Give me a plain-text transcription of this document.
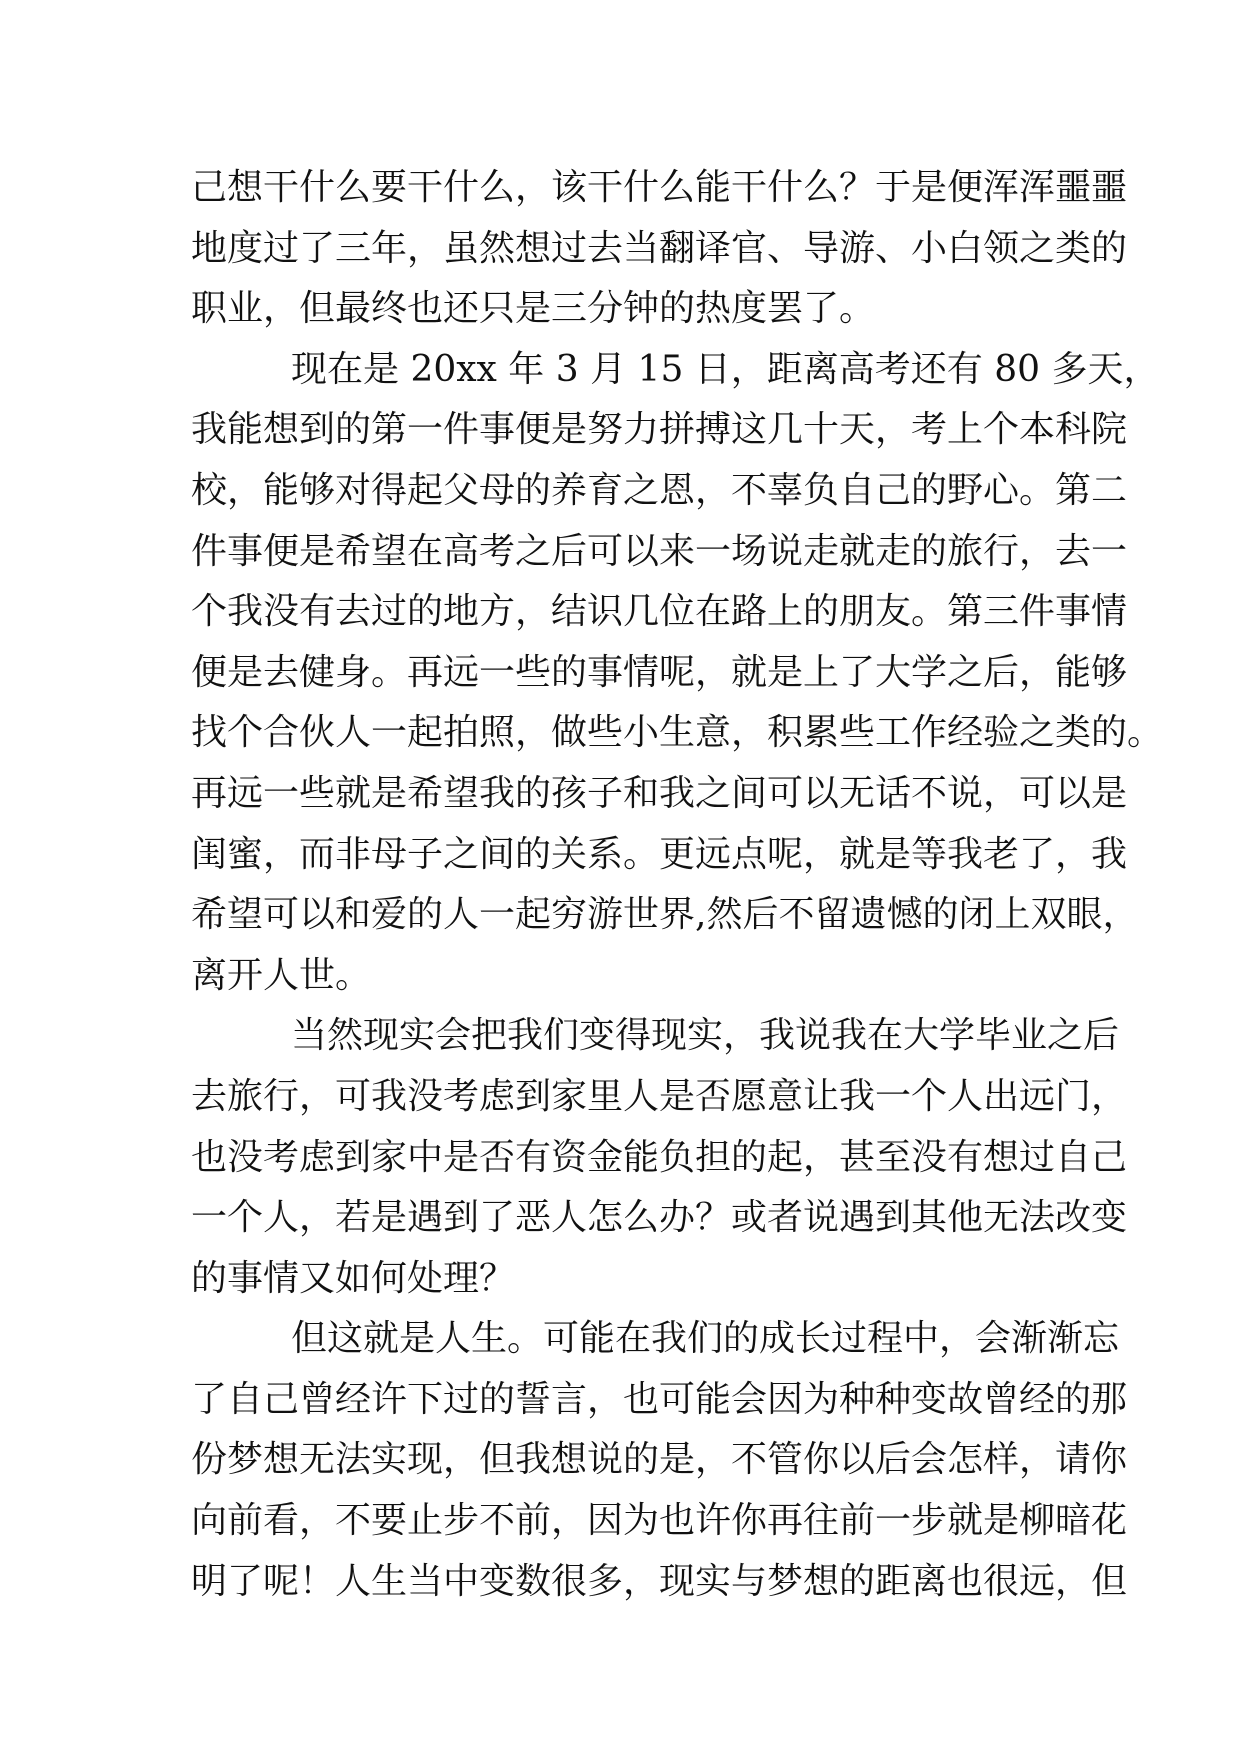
己想干什么要干什么，该干什么能干什么？于是便浑浑噩噩
地度过了三年，虽然想过去当翻译官、导游、小白领之类的
职业，但最终也还只是三分钟的热度罢了。
现在是 20xx 年 3 月 15 日，距离高考还有 80 多天，
我能想到的第一件事便是努力拼搏这几十天，考上个本科院
校，能够对得起父母的养育之恩，不辜负自己的野心。第二
件事便是希望在高考之后可以来一场说走就走的旅行，去一
个我没有去过的地方，结识几位在路上的朋友。第三件事情
便是去健身。再远一些的事情呢，就是上了大学之后，能够
找个合伙人一起拍照，做些小生意，积累些工作经验之类的。
再远一些就是希望我的孩子和我之间可以无话不说，可以是
闺蜜，而非母子之间的关系。更远点呢，就是等我老了，我
希望可以和爱的人一起穷游世界,然后不留遗憾的闭上双眼，
离开人世。
当然现实会把我们变得现实，我说我在大学毕业之后
去旅行，可我没考虑到家里人是否愿意让我一个人出远门，
也没考虑到家中是否有资金能负担的起，甚至没有想过自己
一个人，若是遇到了恶人怎么办？或者说遇到其他无法改变
的事情又如何处理？
但这就是人生。可能在我们的成长过程中，会渐渐忘
了自己曾经许下过的誓言，也可能会因为种种变故曾经的那
份梦想无法实现，但我想说的是，不管你以后会怎样，请你
向前看，不要止步不前，因为也许你再往前一步就是柳暗花
明了呢！人生当中变数很多，现实与梦想的距离也很远，但
